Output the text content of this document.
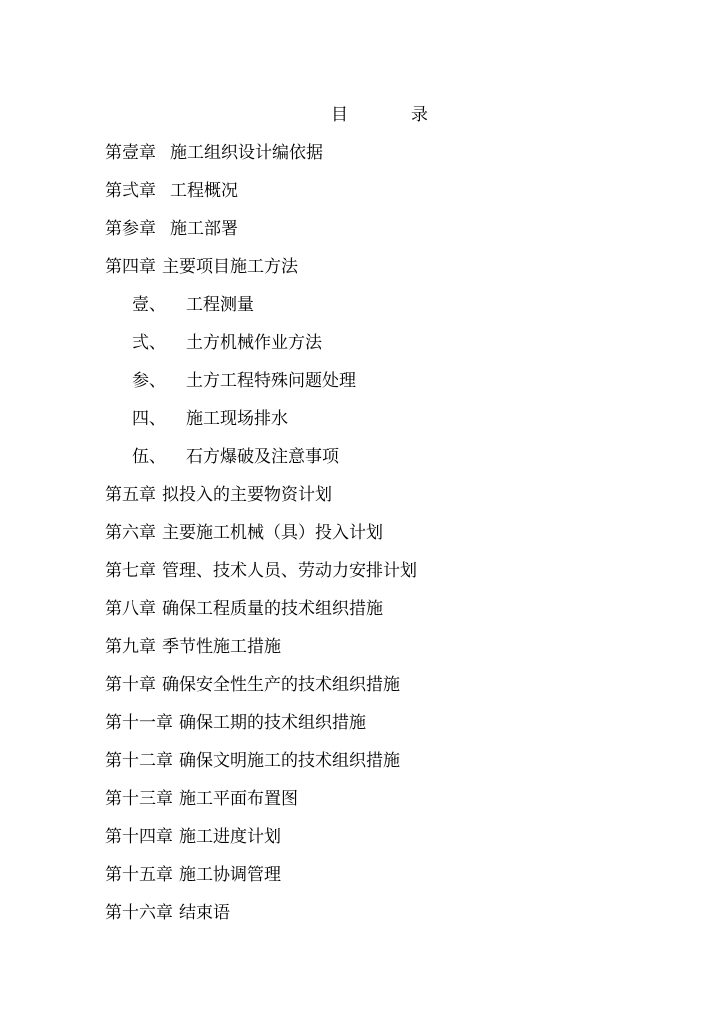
目	录
第壹章 施工组织设计编依据
第弍章 工程概况
第参章 施工部署
第四章 主要项目施工方法
壹、 工程测量
弍、 土方机械作业方法
参、 土方工程特殊问题处理
四、 施工现场排水
伍、 石方爆破及注意事项
第五章 拟投入的主要物资计划
第六章 主要施工机械（具）投入计划
第七章 管理、技术人员、劳动力安排计划
第八章 确保工程质量的技术组织措施
第九章 季节性施工措施
第十章 确保安全性生产的技术组织措施
第十一章 确保工期的技术组织措施
第十二章 确保文明施工的技术组织措施
第十三章 施工平面布置图
第十四章 施工进度计划
第十五章 施工协调管理
第十六章 结束语
